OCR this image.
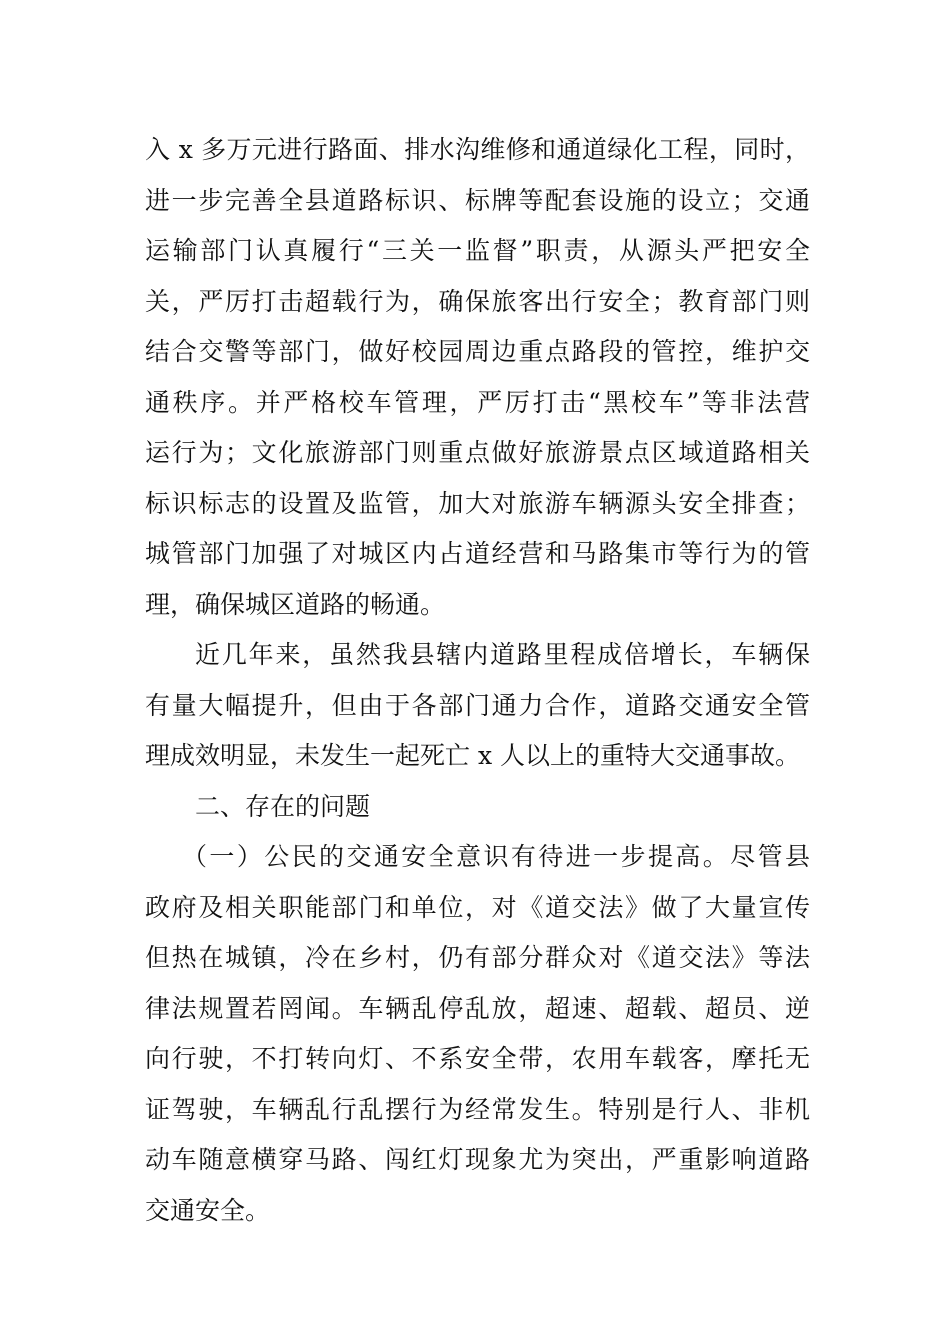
入 x 多万元进行路面、排水沟维修和通道绿化工程，同时，
进一步完善全县道路标识、标牌等配套设施的设立；交通
运输部门认真履行“三关一监督”职责，从源头严把安全
关，严厉打击超载行为，确保旅客出行安全；教育部门则
结合交警等部门，做好校园周边重点路段的管控，维护交
通秩序。并严格校车管理，严厉打击“黑校车”等非法营
运行为；文化旅游部门则重点做好旅游景点区域道路相关
标识标志的设置及监管，加大对旅游车辆源头安全排查；
城管部门加强了对城区内占道经营和马路集市等行为的管
理，确保城区道路的畅通。
近几年来，虽然我县辖内道路里程成倍增长，车辆保
有量大幅提升，但由于各部门通力合作，道路交通安全管
理成效明显，未发生一起死亡 x 人以上的重特大交通事故。
二、存在的问题
（一）公民的交通安全意识有待进一步提高。尽管县
政府及相关职能部门和单位，对《道交法》做了大量宣传
但热在城镇，冷在乡村，仍有部分群众对《道交法》等法
律法规置若罔闻。车辆乱停乱放，超速、超载、超员、逆
向行驶，不打转向灯、不系安全带，农用车载客，摩托无
证驾驶，车辆乱行乱摆行为经常发生。特别是行人、非机
动车随意横穿马路、闯红灯现象尤为突出，严重影响道路
交通安全。
